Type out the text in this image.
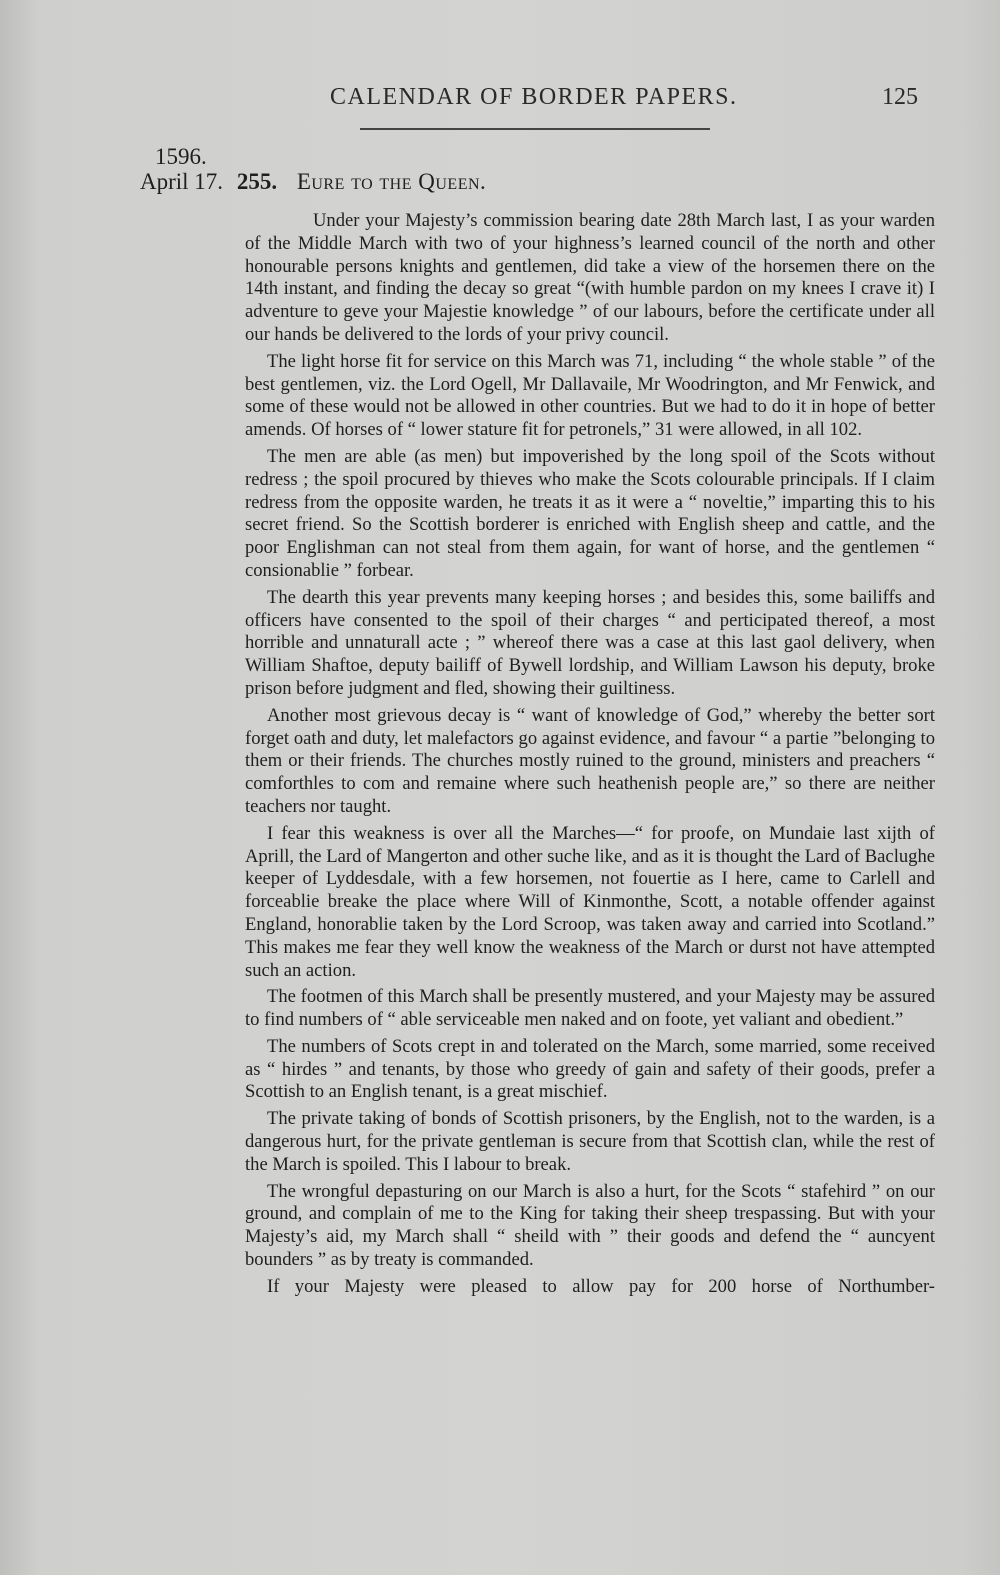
CALENDAR OF BORDER PAPERS.	125
1596.
April 17. 255. Eure to the Queen.

Under your Majesty’s commission bearing date 28th March last, I as your warden of the Middle March with two of your highness’s learned council of the north and other honourable persons knights and gentlemen, did take a view of the horsemen there on the 14th instant, and finding the decay so great “(with humble pardon on my knees I crave it) I adventure to geve your Majestie knowledge ” of our labours, before the certificate under all our hands be delivered to the lords of your privy council.

The light horse fit for service on this March was 71, including “ the whole stable ” of the best gentlemen, viz. the Lord Ogell, Mr Dallavaile, Mr Woodrington, and Mr Fenwick, and some of these would not be allowed in other countries. But we had to do it in hope of better amends. Of horses of “ lower stature fit for petronels,” 31 were allowed, in all 102.

The men are able (as men) but impoverished by the long spoil of the Scots without redress ; the spoil procured by thieves who make the Scots colourable principals. If I claim redress from the opposite warden, he treats it as it were a “ noveltie,” imparting this to his secret friend. So the Scottish borderer is enriched with English sheep and cattle, and the poor Englishman can not steal from them again, for want of horse, and the gentlemen “ consionablie ” forbear.

The dearth this year prevents many keeping horses ; and besides this, some bailiffs and officers have consented to the spoil of their charges “ and perticipated thereof, a most horrible and unnaturall acte ; ” whereof there was a case at this last gaol delivery, when William Shaftoe, deputy bailiff of Bywell lordship, and William Lawson his deputy, broke prison before judgment and fled, showing their guiltiness.

Another most grievous decay is “ want of knowledge of God,” whereby the better sort forget oath and duty, let malefactors go against evidence, and favour “ a partie ”belonging to them or their friends. The churches mostly ruined to the ground, ministers and preachers “ comforthles to com and remaine where such heathenish people are,” so there are neither teachers nor taught.

I fear this weakness is over all the Marches—“ for proofe, on Mundaie last xijth of Aprill, the Lard of Mangerton and other suche like, and as it is thought the Lard of Baclughe keeper of Lyddesdale, with a few horsemen, not fouertie as I here, came to Carlell and forceablie breake the place where Will of Kinmonthe, Scott, a notable offender against England, honorablie taken by the Lord Scroop, was taken away and carried into Scotland.” This makes me fear they well know the weakness of the March or durst not have attempted such an action.

The footmen of this March shall be presently mustered, and your Majesty may be assured to find numbers of “ able serviceable men naked and on foote, yet valiant and obedient.”

The numbers of Scots crept in and tolerated on the March, some married, some received as “ hirdes ” and tenants, by those who greedy of gain and safety of their goods, prefer a Scottish to an English tenant, is a great mischief.

The private taking of bonds of Scottish prisoners, by the English, not to the warden, is a dangerous hurt, for the private gentleman is secure from that Scottish clan, while the rest of the March is spoiled. This I labour to break.

The wrongful depasturing on our March is also a hurt, for the Scots “ stafehird ” on our ground, and complain of me to the King for taking their sheep trespassing. But with your Majesty’s aid, my March shall “ sheild with ” their goods and defend the “ auncyent bounders ” as by treaty is commanded.

If your Majesty were pleased to allow pay for 200 horse of Northumber-
